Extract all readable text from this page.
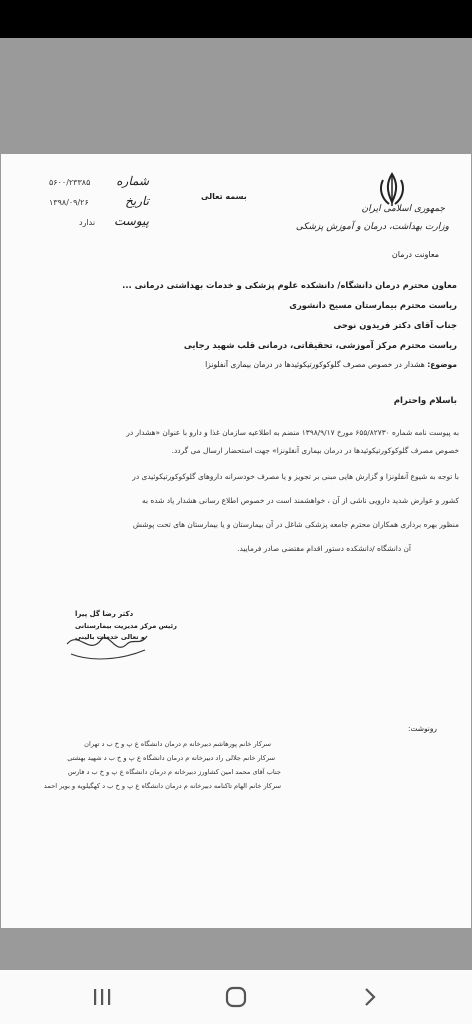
جمهوری اسلامی ایران
وزارت بهداشت، درمان و آموزش پزشکی
معاونت درمان
بسمه تعالی
شماره
۵۶۰۰/۲۳۳۸۵
تاریخ
۱۳۹۸/۰۹/۲۶
پیوست
ندارد
معاون محترم درمان دانشگاه/ دانشکده علوم پزشکی و خدمات بهداشتی درمانی ...
ریاست محترم بیمارستان مسیح دانشوری
جناب آقای دکتر فریدون نوحی
ریاست محترم مرکز آموزشی، تحقیقاتی، درمانی قلب شهید رجایی
موضوع: هشدار در خصوص مصرف گلوکوکورتیکوئیدها در درمان بیماری آنفلونزا
باسلام واحترام
به پیوست نامه شماره ۶۵۵/۸۲۷۳۰ مورخ ۱۳۹۸/۹/۱۷ منضم به اطلاعیه سازمان غذا و دارو با عنوان «هشدار در
خصوص مصرف گلوکوکورتیکوئیدها در درمان بیماری آنفلونزا» جهت استحضار ارسال می گردد.
با توجه به شیوع آنفلونزا و گزارش هایی مبنی بر تجویز و یا مصرف خودسرانه داروهای گلوکوکورتیکوئیدی در
کشور و عوارض شدید دارویی ناشی از آن ، خواهشمند است در خصوص اطلاع رسانی هشدار یاد شده به
منظور بهره برداری همکاران محترم جامعه پزشکی شاغل در آن بیمارستان و یا بیمارستان های تحت پوشش
آن دانشگاه /دانشکده دستور اقدام مقتضی صادر فرمایید.
دکتر رضا گل پیرا
رئیس مرکز مدیریت بیمارستانی
و تعالی خدمات بالینی
رونوشت:
سرکار خانم پورهاشم دبیرخانه م درمان دانشگاه ع پ و خ ب د تهران
سرکار خانم جلالی راد دبیرخانه م درمان دانشگاه ع پ و خ ب د شهید بهشتی
جناب آقای محمد امین کشاورز دبیرخانه م درمان دانشگاه ع پ و خ ب د فارس
سرکار خانم الهام تاکنامه دبیرخانه م درمان دانشگاه ع پ و خ ب د کهگیلویه و بویر احمد
